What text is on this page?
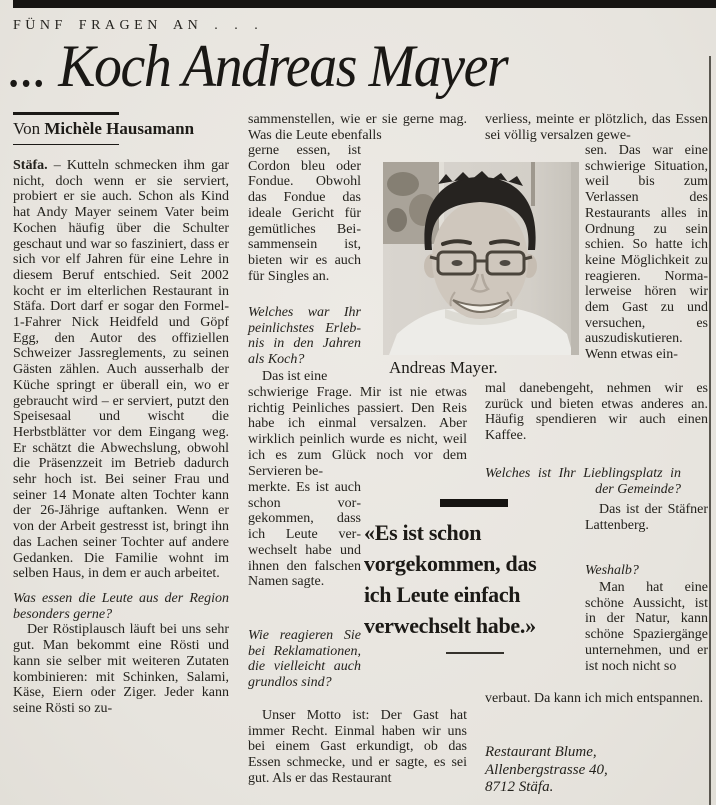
FÜNF FRAGEN AN . . .
... Koch Andreas Mayer
Von Michèle Hausamann
Stäfa. – Kutteln schmecken ihm gar nicht, doch wenn er sie serviert, probiert er sie auch. Schon als Kind hat Andy Mayer seinem Vater beim Kochen häufig über die Schulter geschaut und war so fasziniert, dass er sich vor elf Jahren für eine Lehre in diesem Beruf entschied. Seit 2002 kocht er im elterlichen Restaurant in Stäfa. Dort darf er sogar den Formel-1-Fahrer Nick Heidfeld und Göpf Egg, den Autor des offiziellen Schweizer Jassreglements, zu seinen Gästen zählen. Auch ausserhalb der Küche springt er überall ein, wo er gebraucht wird – er serviert, putzt den Speisesaal und wischt die Herbstblätter vor dem Eingang weg. Er schätzt die Abwechslung, obwohl die Präsenzzeit im Betrieb dadurch sehr hoch ist. Bei seiner Frau und seiner 14 Monate alten Tochter kann der 26-Jährige auftanken. Wenn er von der Arbeit gestresst ist, bringt ihn das Lachen seiner Tochter auf andere Gedanken. Die Familie wohnt im selben Haus, in dem er auch arbeitet.
Was essen die Leute aus der Region besonders gerne?
Der Röstiplausch läuft bei uns sehr gut. Man bekommt eine Rösti und kann sie selber mit weiteren Zutaten kombinieren: mit Schinken, Salami, Käse, Eiern oder Ziger. Jeder kann seine Rösti so zu-
sammenstellen, wie er sie gerne mag. Was die Leute ebenfalls
gerne essen, ist Cordon bleu oder Fondue. Obwohl das Fondue das ideale Gericht für gemütliches Beisammensein ist, bieten wir es auch für Singles an.
Welches war Ihr peinlichstes Erlebnis in den Jahren als Koch?
Das ist eine
schwierige Frage. Mir ist nie etwas richtig Peinliches passiert. Den Reis habe ich einmal versalzen. Aber wirklich peinlich wurde es nicht, weil ich es zum Glück noch vor dem Servieren be-
merkte. Es ist auch schon vorgekommen, dass ich Leute verwechselt habe und ihnen den falschen Namen sagte.
Wie reagieren Sie bei Reklamationen, die vielleicht auch grundlos sind?
Unser Motto ist: Der Gast hat immer Recht. Einmal haben wir uns bei einem Gast erkundigt, ob das Essen schmecke, und er sagte, es sei gut. Als er das Restaurant
Andreas Mayer.
«Es ist schon vorgekommen, das ich Leute einfach verwechselt habe.»
verliess, meinte er plötzlich, das Essen sei völlig versalzen gewe-
sen. Das war eine schwierige Situation, weil bis zum Verlassen des Restaurants alles in Ordnung zu sein schien. So hatte ich keine Möglichkeit zu reagieren. Normalerweise hören wir dem Gast zu und versuchen, es auszudiskutieren. Wenn etwas ein-
mal danebengeht, nehmen wir es zurück und bieten etwas anderes an. Häufig spendieren wir auch einen Kaffee.
Welches ist Ihr Lieblingsplatz in der Gemeinde?
Das ist der Stäfner Lattenberg.
Weshalb?
Man hat eine schöne Aussicht, ist in der Natur, kann schöne Spaziergänge unternehmen, und er ist noch nicht so
verbaut. Da kann ich mich entspannen.
Restaurant Blume,
Allenbergstrasse 40,
8712 Stäfa.
